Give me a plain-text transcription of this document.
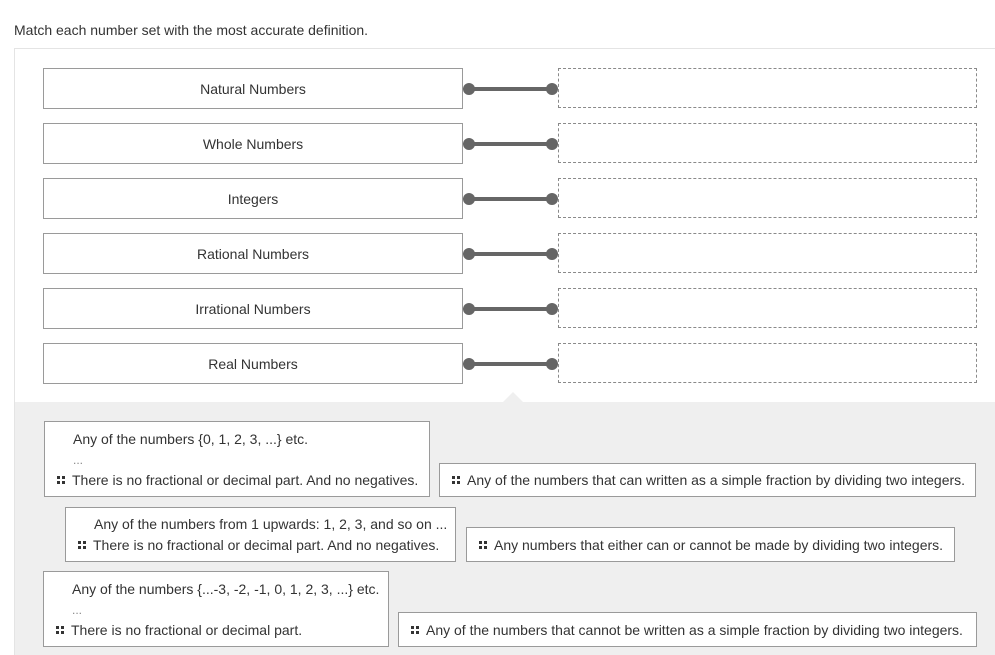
Match each number set with the most accurate definition.
Natural Numbers
Whole Numbers
Integers
Rational Numbers
Irrational Numbers
Real Numbers
Any of the numbers {0, 1, 2, 3, ...} etc.
...
There is no fractional or decimal part. And no negatives.	Any of the numbers that can written as a simple fraction by dividing two integers.
Any of the numbers from 1 upwards: 1, 2, 3, and so on ...
There is no fractional or decimal part. And no negatives.	Any numbers that either can or cannot be made by dividing two integers.
Any of the numbers {...-3, -2, -1, 0, 1, 2, 3, ...} etc.
...
There is no fractional or decimal part.	Any of the numbers that cannot be written as a simple fraction by dividing two integers.
